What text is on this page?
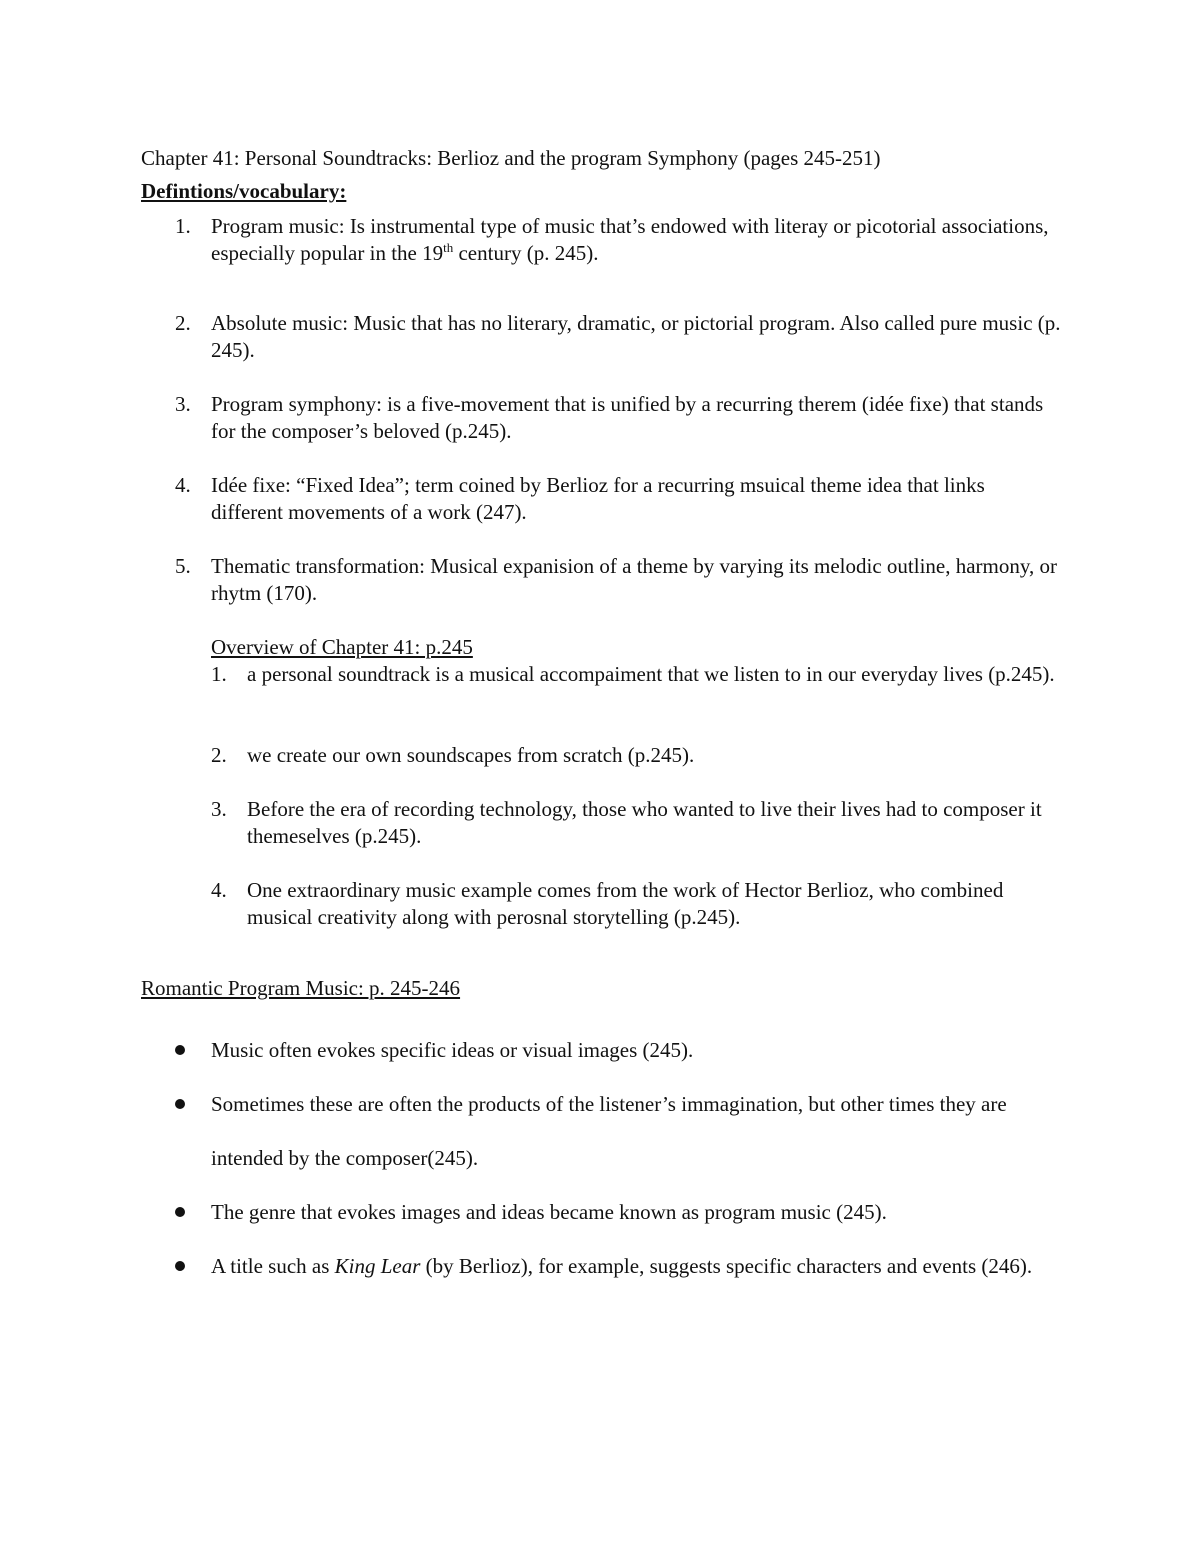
Chapter 41: Personal Soundtracks: Berlioz and the program Symphony (pages 245-251)
Defintions/vocabulary:
1. Program music: Is instrumental type of music that’s endowed with literay or picotorial associations, especially popular in the 19th century (p. 245).
2. Absolute music: Music that has no literary, dramatic, or pictorial program. Also called pure music (p. 245).
3. Program symphony: is a five-movement that is unified by a recurring therem (idée fixe) that stands for the composer’s beloved (p.245).
4. Idée fixe: “Fixed Idea”; term coined by Berlioz for a recurring msuical theme idea that links different movements of a work (247).
5. Thematic transformation: Musical expanision of a theme by varying its melodic outline, harmony, or rhytm (170).
Overview of Chapter 41: p.245
1. a personal soundtrack is a musical accompaiment that we listen to in our everyday lives (p.245).
2. we create our own soundscapes from scratch (p.245).
3. Before the era of recording technology, those who wanted to live their lives had to composer it themeselves (p.245).
4. One extraordinary music example comes from the work of Hector Berlioz, who combined musical creativity along with perosnal storytelling (p.245).
Romantic Program Music: p. 245-246
Music often evokes specific ideas or visual images (245).
Sometimes these are often the products of the listener’s immagination, but other times they are intended by the composer(245).
The genre that evokes images and ideas became known as program music (245).
A title such as King Lear (by Berlioz), for example, suggests specific characters and events (246).
